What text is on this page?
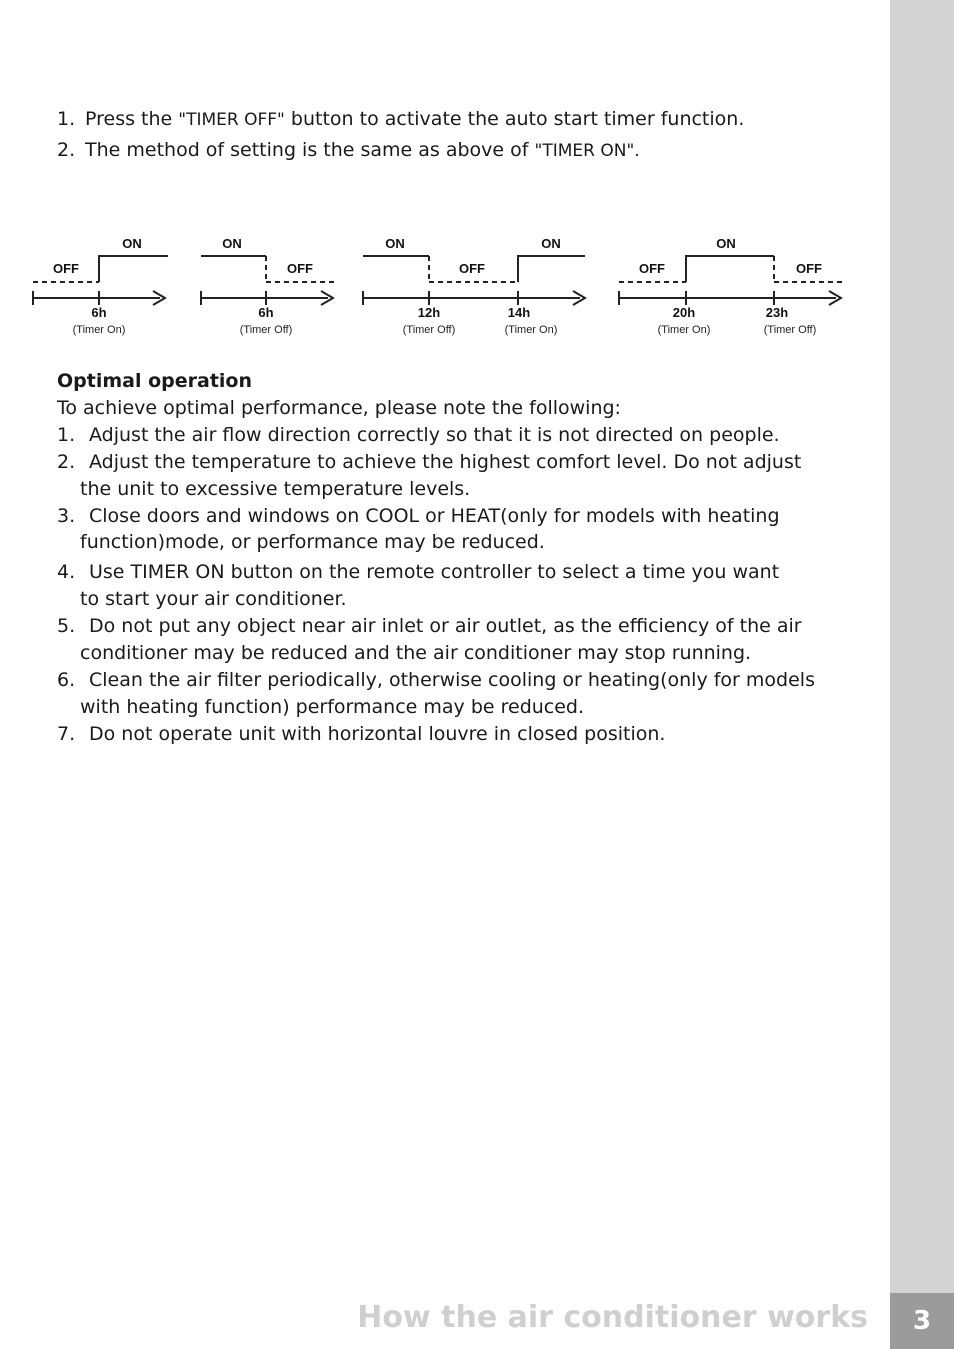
1. Press the "TIMER OFF" button to activate the auto start timer function.
2. The method of setting is the same as above of "TIMER ON".
ON
OFF
6h
ON
OFF
6h
ON	ON
OFF
12h	14h
ON
OFF	OFF
20h	23h
(Timer On)	(Timer Off)	(Timer Off)	(Timer On)	(Timer On)	(Timer Off)
Optimal operation
To achieve optimal performance, please note the following:
1. Adjust the air flow direction correctly so that it is not directed on people.
2. Adjust the temperature to achieve the highest comfort level. Do not adjust
the unit to excessive temperature levels.
3. Close doors and windows on COOL or HEAT(only for models with heating
function)mode, or performance may be reduced.
4. Use TIMER ON button on the remote controller to select a time you want
to start your air conditioner.
5. Do not put any object near air inlet or air outlet, as the efficiency of the air
conditioner may be reduced and the air conditioner may stop running.
6. Clean the air filter periodically, otherwise cooling or heating(only for models
with heating function) performance may be reduced.
7. Do not operate unit with horizontal louvre in closed position.
How the air conditioner works	3
